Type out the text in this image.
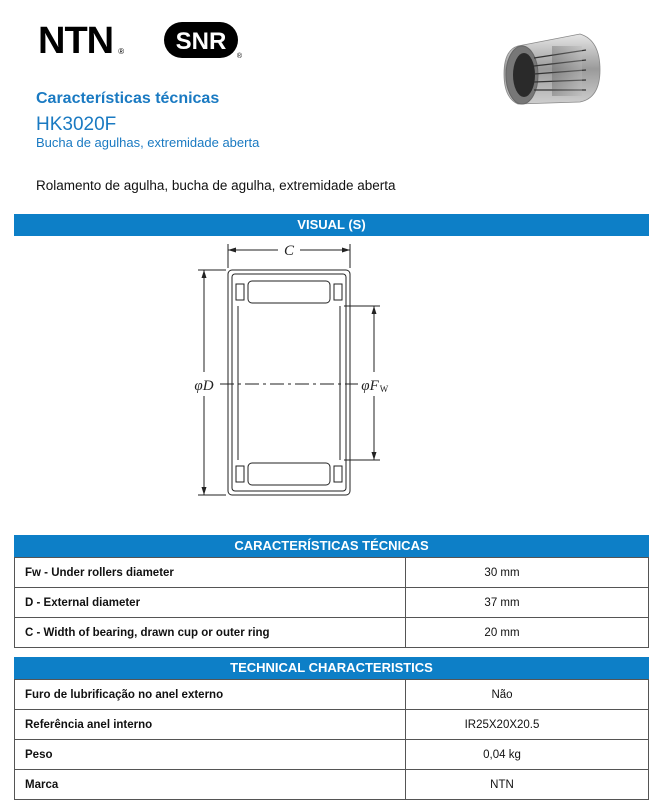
NTN ® SNR
®
Características técnicas
HK3020F
Bucha de agulhas, extremidade aberta
Rolamento de agulha, bucha de agulha, extremidade aberta
VISUAL (S)
C
φD	φF W
CARACTERÍSTICAS TÉCNICAS
Fw - Under rollers diameter	30 mm
D - External diameter	37 mm
C - Width of bearing, drawn cup or outer ring	20 mm
TECHNICAL CHARACTERISTICS
Furo de lubrificação no anel externo	Não
Referência anel interno	IR25X20X20.5
Peso	0,04 kg
Marca	NTN
